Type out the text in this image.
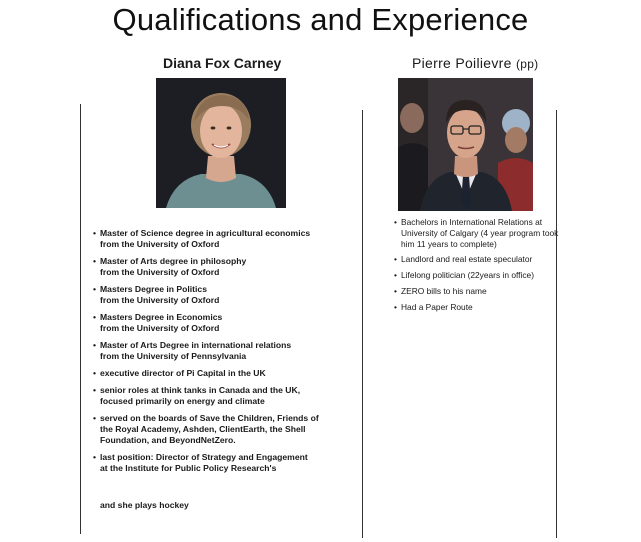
Qualifications and Experience
Diana Fox Carney	Pierre Poilievre (pp)
• Master of Science degree in agricultural economics
from the University of Oxford
• Master of Arts degree in philosophy
from the University of Oxford
• Masters Degree in Politics
from the University of Oxford
• Masters Degree in Economics
from the University of Oxford
• Master of Arts Degree in international relations
from the University of Pennsylvania
• executive director of Pi Capital in the UK
• senior roles at think tanks in Canada and the UK,
focused primarily on energy and climate
• served on the boards of Save the Children, Friends of
the Royal Academy, Ashden, ClientEarth, the Shell
Foundation, and BeyondNetZero.
• last position: Director of Strategy and Engagement
at the Institute for Public Policy Research's
and she plays hockey
• Bachelors in International Relations at
University of Calgary (4 year program took
him 11 years to complete)
• Landlord and real estate speculator
• Lifelong politician (22years in office)
• ZERO bills to his name
• Had a Paper Route
